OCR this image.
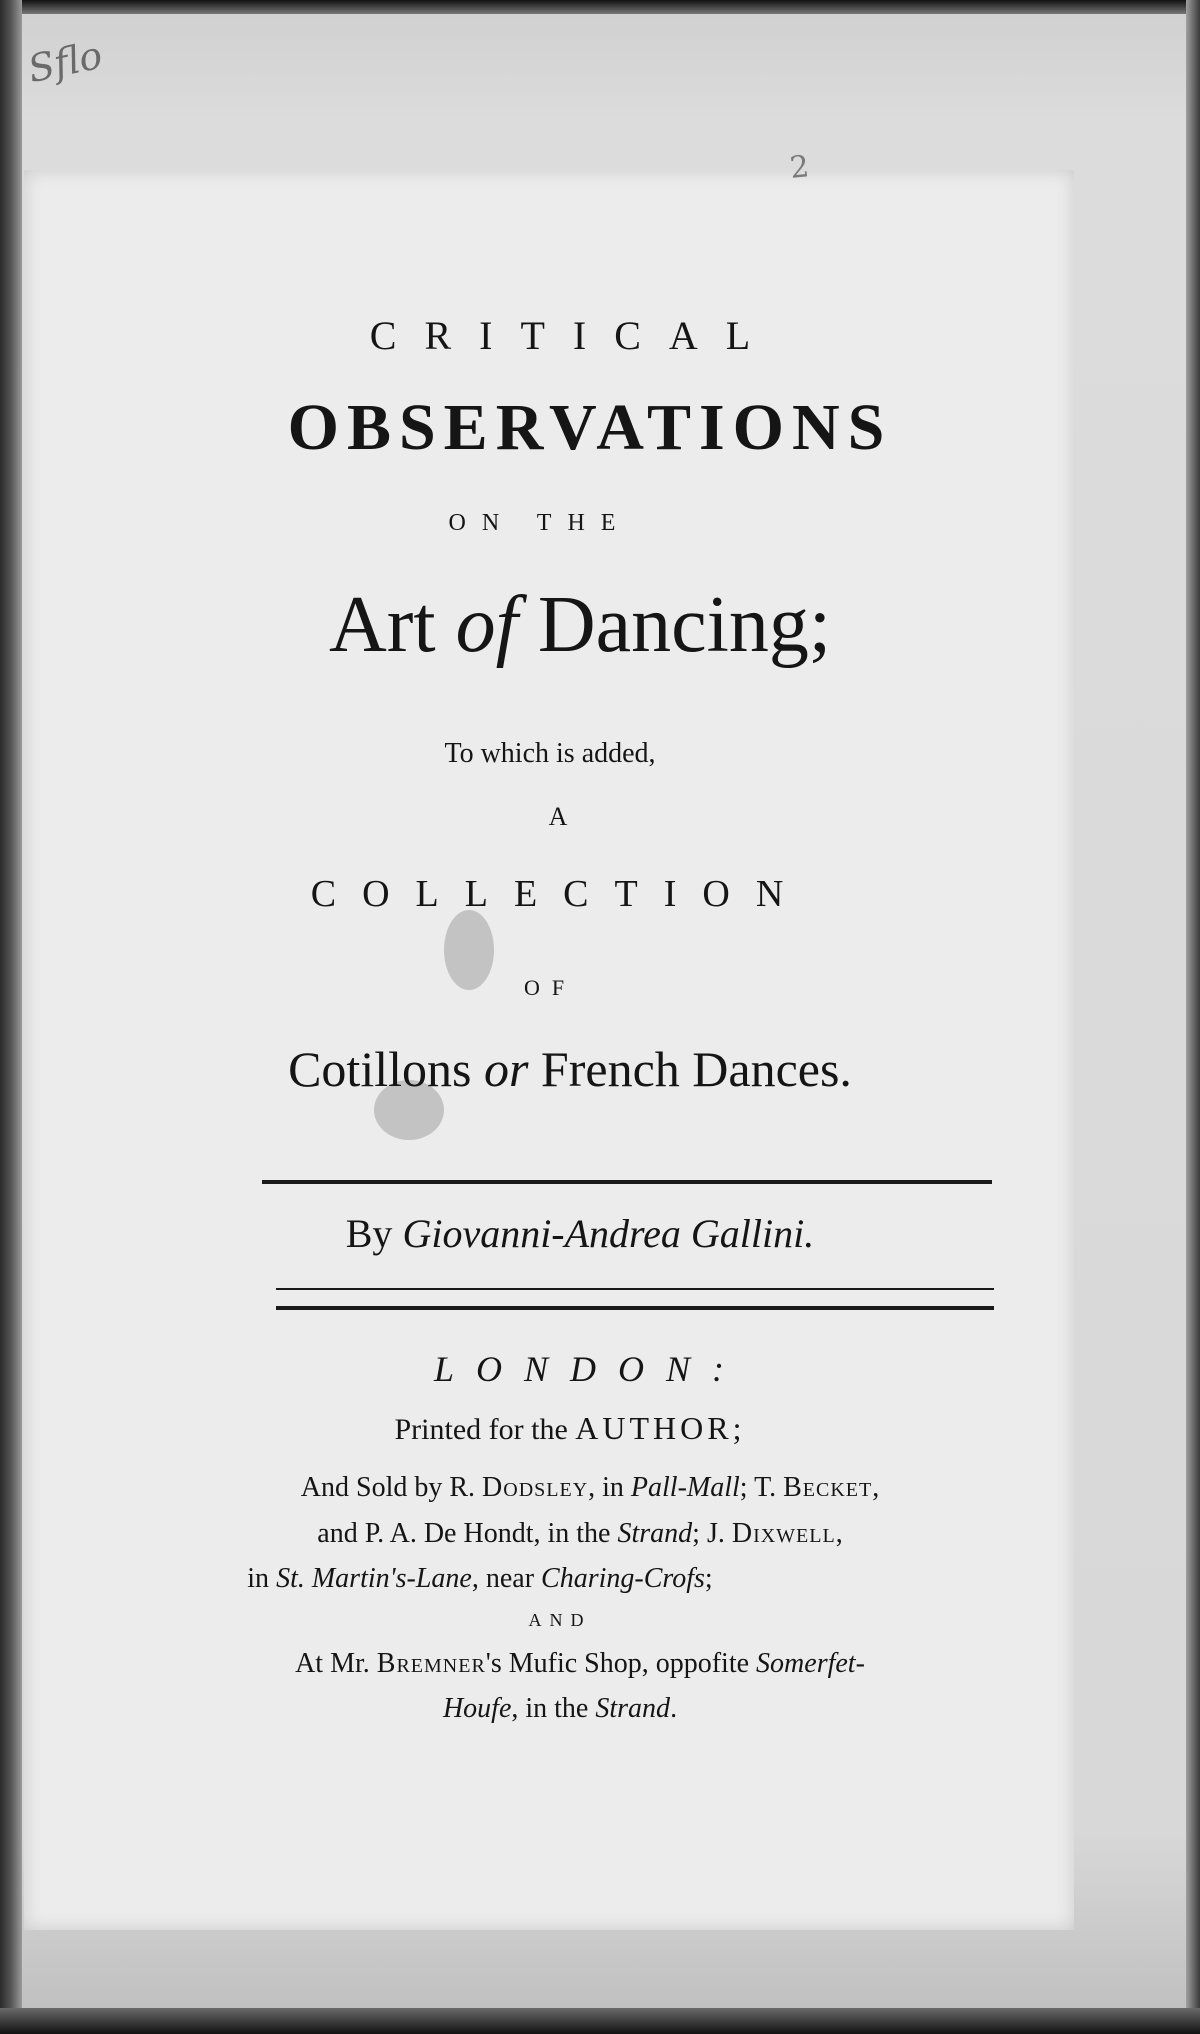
Sflo
2
CRITICAL
OBSERVATIONS
ON THE
Art of Dancing;
To which is added,
A
COLLECTION
OF
Cotillons or French Dances.
By Giovanni-Andrea Gallini.
LONDON:
Printed for the AUTHOR;
And Sold by R. Dodsley, in Pall-Mall; T. Becket,
and P. A. De Hondt, in the Strand; J. Dixwell,
in St. Martin's-Lane, near Charing-Crofs;
AND
At Mr. Bremner's Mufic Shop, oppofite Somerfet-
Houfe, in the Strand.
